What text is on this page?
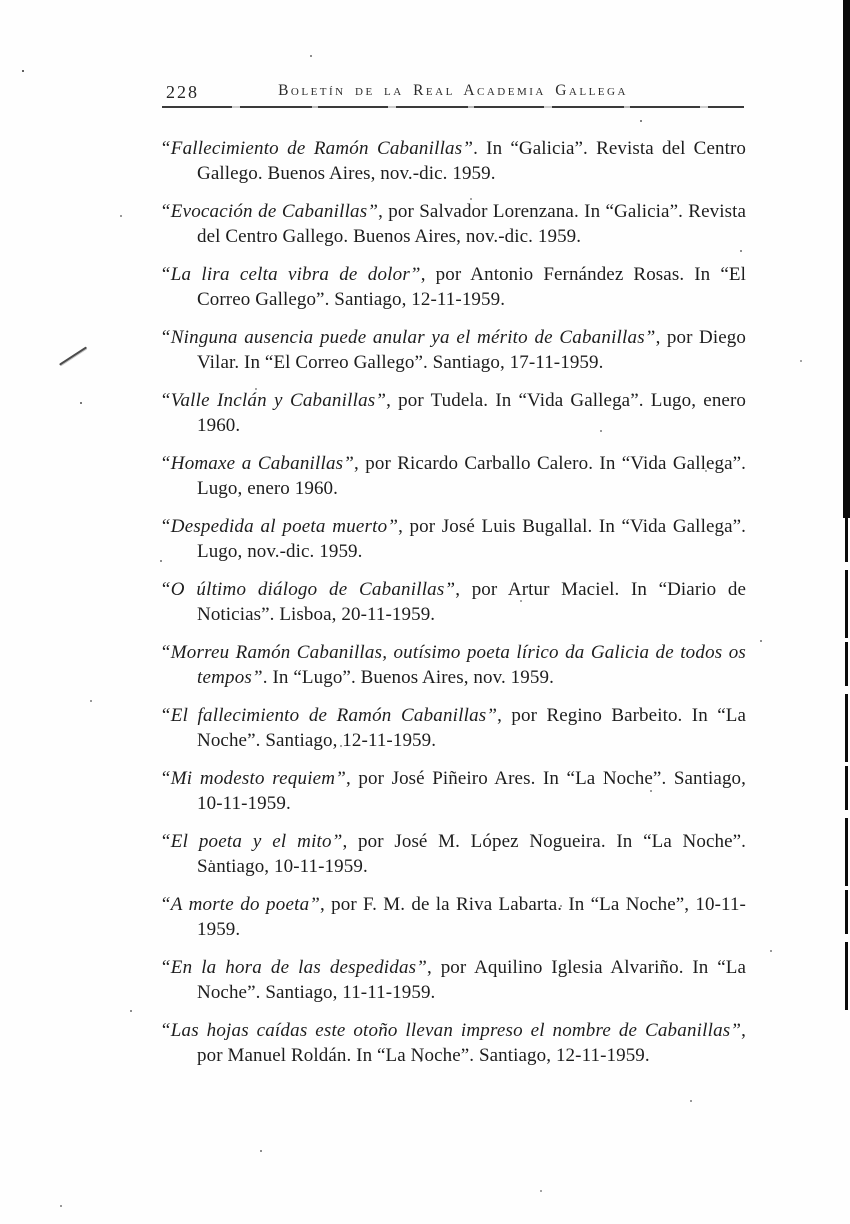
228	Boletín de la Real Academia Gallega

“Fallecimiento de Ramón Cabanillas”. In “Galicia”. Revista del Centro Gallego. Buenos Aires, nov.-dic. 1959.

“Evocación de Cabanillas”, por Salvador Lorenzana. In “Galicia”. Revista del Centro Gallego. Buenos Aires, nov.-dic. 1959.

“La lira celta vibra de dolor”, por Antonio Fernández Rosas. In “El Correo Gallego”. Santiago, 12-11-1959.

“Ninguna ausencia puede anular ya el mérito de Cabanillas”, por Diego Vilar. In “El Correo Gallego”. Santiago, 17-11-1959.

“Valle Inclán y Cabanillas”, por Tudela. In “Vida Gallega”. Lugo, enero 1960.

“Homaxe a Cabanillas”, por Ricardo Carballo Calero. In “Vida Gallega”. Lugo, enero 1960.

“Despedida al poeta muerto”, por José Luis Bugallal. In “Vida Gallega”. Lugo, nov.-dic. 1959.

“O último diálogo de Cabanillas”, por Artur Maciel. In “Diario de Noticias”. Lisboa, 20-11-1959.

“Morreu Ramón Cabanillas, outísimo poeta lírico da Galicia de todos os tempos”. In “Lugo”. Buenos Aires, nov. 1959.

“El fallecimiento de Ramón Cabanillas”, por Regino Barbeito. In “La Noche”. Santiago, 12-11-1959.

“Mi modesto requiem”, por José Piñeiro Ares. In “La Noche”. Santiago, 10-11-1959.

“El poeta y el mito”, por José M. López Nogueira. In “La Noche”. Santiago, 10-11-1959.

“A morte do poeta”, por F. M. de la Riva Labarta. In “La Noche”, 10-11-1959.

“En la hora de las despedidas”, por Aquilino Iglesia Alvariño. In “La Noche”. Santiago, 11-11-1959.

“Las hojas caídas este otoño llevan impreso el nombre de Cabanillas”, por Manuel Roldán. In “La Noche”. Santiago, 12-11-1959.
